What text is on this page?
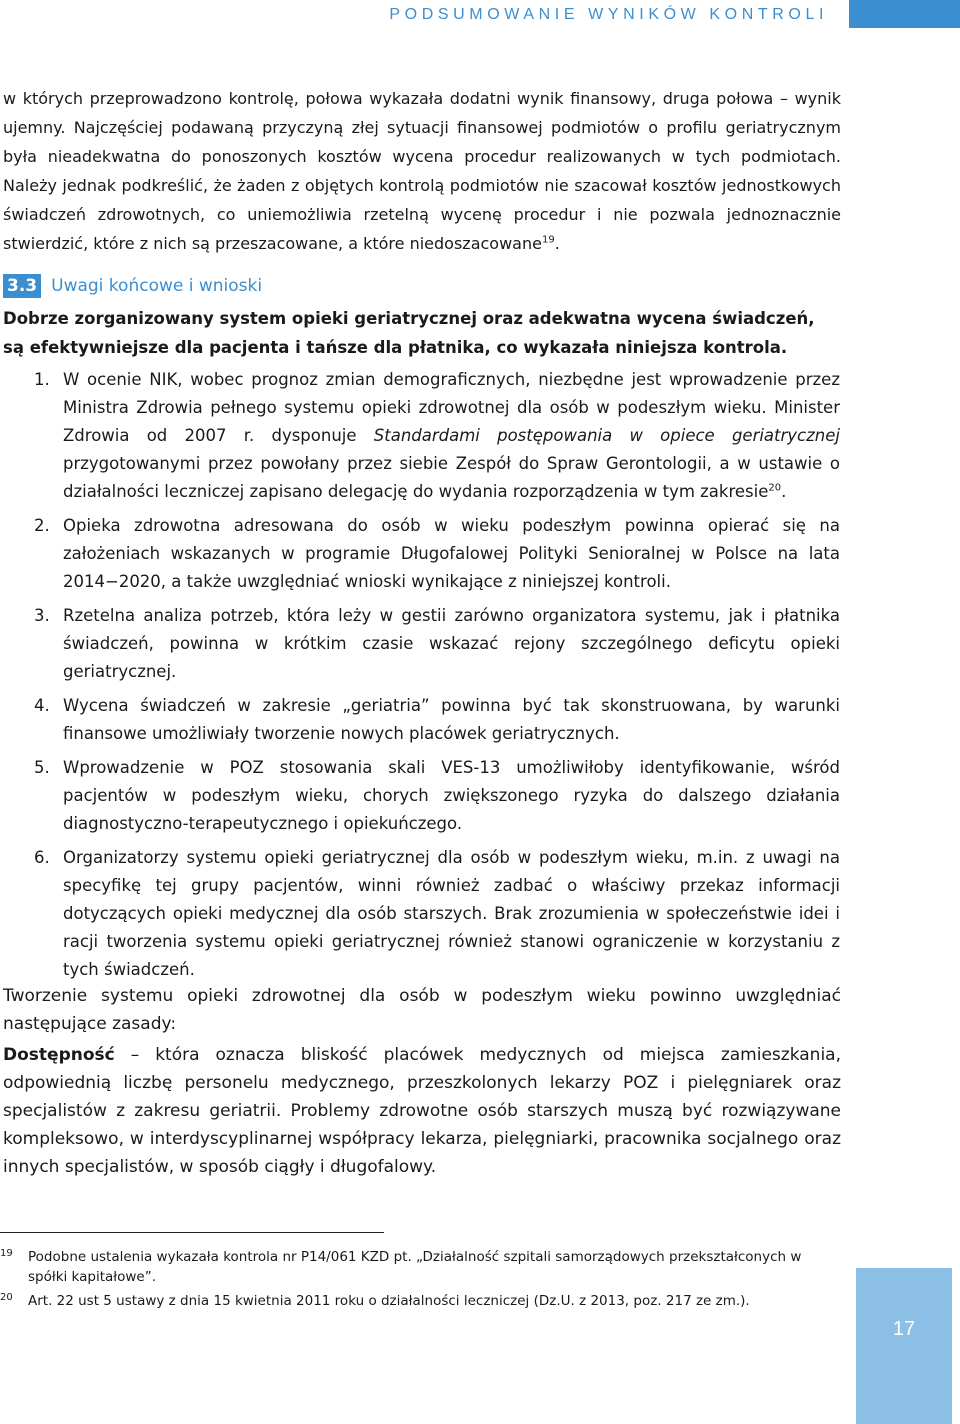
PODSUMOWANIE WYNIKÓW KONTROLI

w których przeprowadzono kontrolę, połowa wykazała dodatni wynik finansowy, druga połowa – wynik ujemny. Najczęściej podawaną przyczyną złej sytuacji finansowej podmiotów o profilu geriatrycznym była nieadekwatna do ponoszonych kosztów wycena procedur realizowanych w tych podmiotach. Należy jednak podkreślić, że żaden z objętych kontrolą podmiotów nie szacował kosztów jednostkowych świadczeń zdrowotnych, co uniemożliwia rzetelną wycenę procedur i nie pozwala jednoznacznie stwierdzić, które z nich są przeszacowane, a które niedoszacowane$^{19}$.

3.3 Uwagi końcowe i wnioski

Dobrze zorganizowany system opieki geriatrycznej oraz adekwatna wycena świadczeń, są efektywniejsze dla pacjenta i tańsze dla płatnika, co wykazała niniejsza kontrola.

1. W ocenie NIK, wobec prognoz zmian demograficznych, niezbędne jest wprowadzenie przez Ministra Zdrowia pełnego systemu opieki zdrowotnej dla osób w podeszłym wieku. Minister Zdrowia od 2007 r. dysponuje Standardami postępowania w opiece geriatrycznej przygotowanymi przez powołany przez siebie Zespół do Spraw Gerontologii, a w ustawie o działalności leczniczej zapisano delegację do wydania rozporządzenia w tym zakresie$^{20}$.
2. Opieka zdrowotna adresowana do osób w wieku podeszłym powinna opierać się na założeniach wskazanych w programie Długofalowej Polityki Senioralnej w Polsce na lata 2014−2020, a także uwzględniać wnioski wynikające z niniejszej kontroli.
3. Rzetelna analiza potrzeb, która leży w gestii zarówno organizatora systemu, jak i płatnika świadczeń, powinna w krótkim czasie wskazać rejony szczególnego deficytu opieki geriatrycznej.
4. Wycena świadczeń w zakresie „geriatria” powinna być tak skonstruowana, by warunki finansowe umożliwiały tworzenie nowych placówek geriatrycznych.
5. Wprowadzenie w POZ stosowania skali VES-13 umożliwiłoby identyfikowanie, wśród pacjentów w podeszłym wieku, chorych zwiększonego ryzyka do dalszego działania diagnostyczno-terapeutycznego i opiekuńczego.
6. Organizatorzy systemu opieki geriatrycznej dla osób w podeszłym wieku, m.in. z uwagi na specyfikę tej grupy pacjentów, winni również zadbać o właściwy przekaz informacji dotyczących opieki medycznej dla osób starszych. Brak zrozumienia w społeczeństwie idei i racji tworzenia systemu opieki geriatrycznej również stanowi ograniczenie w korzystaniu z tych świadczeń.

Tworzenie systemu opieki zdrowotnej dla osób w podeszłym wieku powinno uwzględniać następujące zasady:

Dostępność – która oznacza bliskość placówek medycznych od miejsca zamieszkania, odpowiednią liczbę personelu medycznego, przeszkolonych lekarzy POZ i pielęgniarek oraz specjalistów z zakresu geriatrii. Problemy zdrowotne osób starszych muszą być rozwiązywane kompleksowo, w interdyscyplinarnej współpracy lekarza, pielęgniarki, pracownika socjalnego oraz innych specjalistów, w sposób ciągły i długofalowy.

19	Podobne ustalenia wykazała kontrola nr P14/061 KZD pt. „Działalność szpitali samorządowych przekształconych w spółki kapitałowe”.
20	Art. 22 ust 5 ustawy z dnia 15 kwietnia 2011 roku o działalności leczniczej (Dz.U. z 2013, poz. 217 ze zm.).
17
